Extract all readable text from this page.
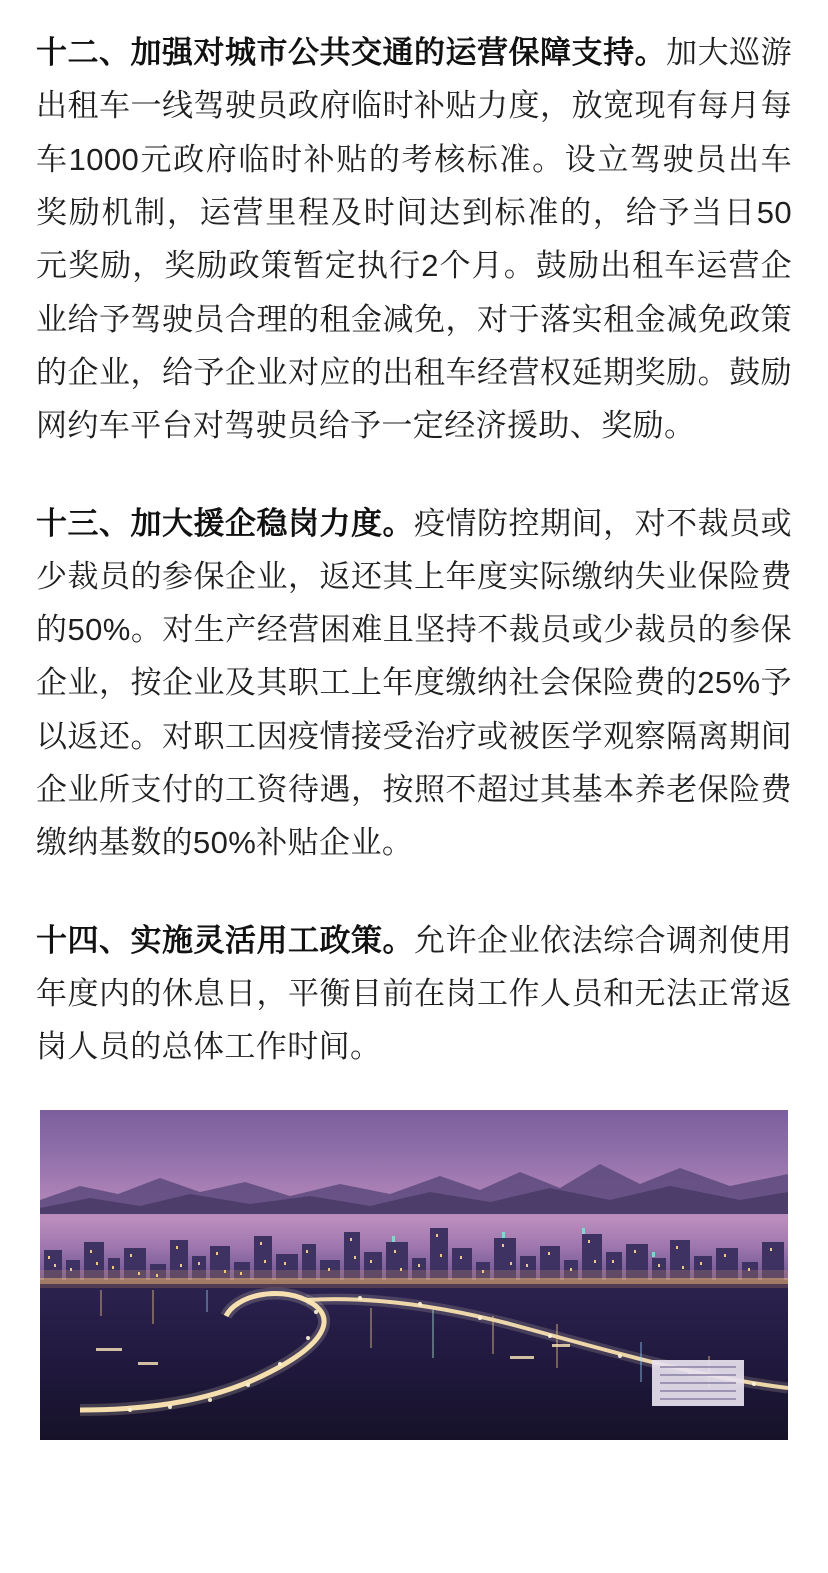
十二、加强对城市公共交通的运营保障支持。加大巡游出租车一线驾驶员政府临时补贴力度，放宽现有每月每车1000元政府临时补贴的考核标准。设立驾驶员出车奖励机制，运营里程及时间达到标准的，给予当日50元奖励，奖励政策暂定执行2个月。鼓励出租车运营企业给予驾驶员合理的租金减免，对于落实租金减免政策的企业，给予企业对应的出租车经营权延期奖励。鼓励网约车平台对驾驶员给予一定经济援助、奖励。

十三、加大援企稳岗力度。疫情防控期间，对不裁员或少裁员的参保企业，返还其上年度实际缴纳失业保险费的50%。对生产经营困难且坚持不裁员或少裁员的参保企业，按企业及其职工上年度缴纳社会保险费的25%予以返还。对职工因疫情接受治疗或被医学观察隔离期间企业所支付的工资待遇，按照不超过其基本养老保险费缴纳基数的50%补贴企业。

十四、实施灵活用工政策。允许企业依法综合调剂使用年度内的休息日，平衡目前在岗工作人员和无法正常返岗人员的总体工作时间。
